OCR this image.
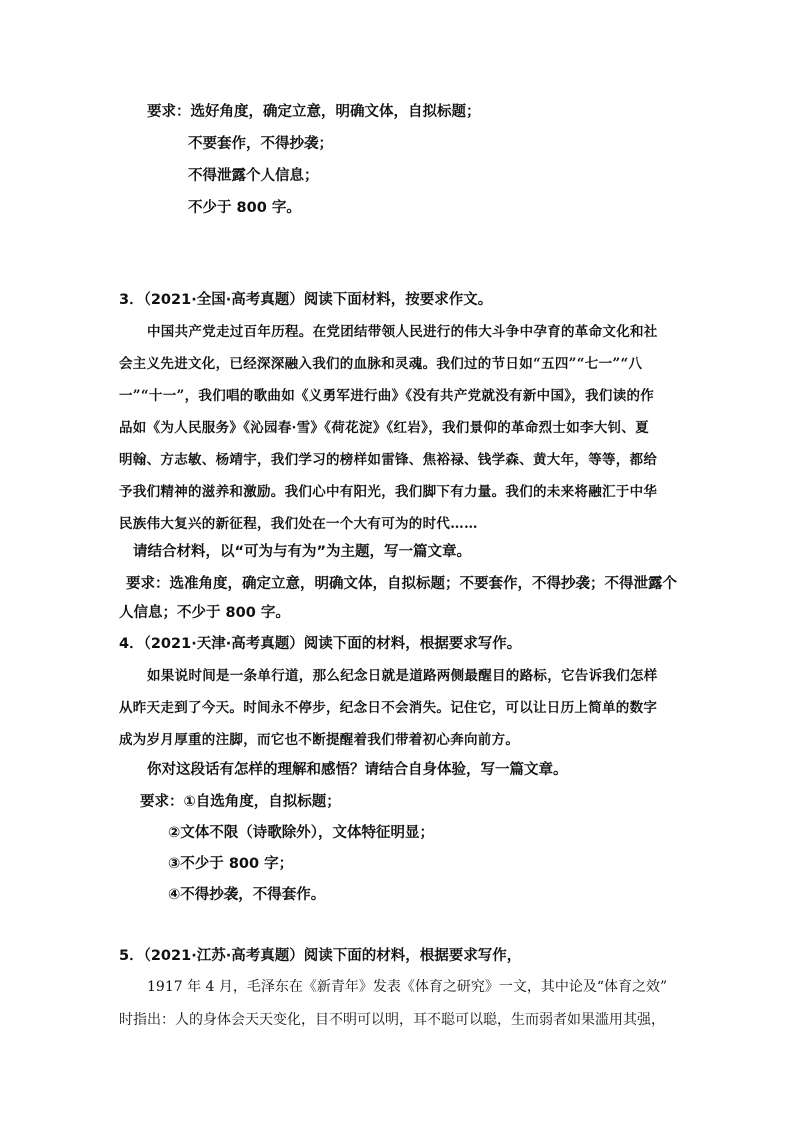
要求：选好角度，确定立意，明确文体，自拟标题；
不要套作，不得抄袭；
不得泄露个人信息；
不少于 800 字。
3．（2021·全国·高考真题）阅读下面材料，按要求作文。
中国共产党走过百年历程。在党团结带领人民进行的伟大斗争中孕育的革命文化和社
会主义先进文化，已经深深融入我们的血脉和灵魂。我们过的节日如“五四”“七一”“八
一”“十一”，我们唱的歌曲如《义勇军进行曲》《没有共产党就没有新中国》，我们读的作
品如《为人民服务》《沁园春·雪》《荷花淀》《红岩》，我们景仰的革命烈士如李大钊、夏
明翰、方志敏、杨靖宇，我们学习的榜样如雷锋、焦裕禄、钱学森、黄大年，等等，都给
予我们精神的滋养和激励。我们心中有阳光，我们脚下有力量。我们的未来将融汇于中华
民族伟大复兴的新征程，我们处在一个大有可为的时代……
请结合材料，以“可为与有为”为主题，写一篇文章。
要求：选准角度，确定立意，明确文体，自拟标题；不要套作，不得抄袭；不得泄露个
人信息；不少于 800 字。
4．（2021·天津·高考真题）阅读下面的材料，根据要求写作。
如果说时间是一条单行道，那么纪念日就是道路两侧最醒目的路标，它告诉我们怎样
从昨天走到了今天。时间永不停步，纪念日不会消失。记住它，可以让日历上简单的数字
成为岁月厚重的注脚，而它也不断提醒着我们带着初心奔向前方。
你对这段话有怎样的理解和感悟？请结合自身体验，写一篇文章。
要求：①自选角度，自拟标题；
②文体不限（诗歌除外），文体特征明显；
③不少于 800 字；
④不得抄袭，不得套作。
5．（2021·江苏·高考真题）阅读下面的材料，根据要求写作，
1917 年 4 月，毛泽东在《新青年》发表《体育之研究》一文，其中论及“体育之效”
时指出：人的身体会天天变化，目不明可以明，耳不聪可以聪，生而弱者如果滥用其强，
